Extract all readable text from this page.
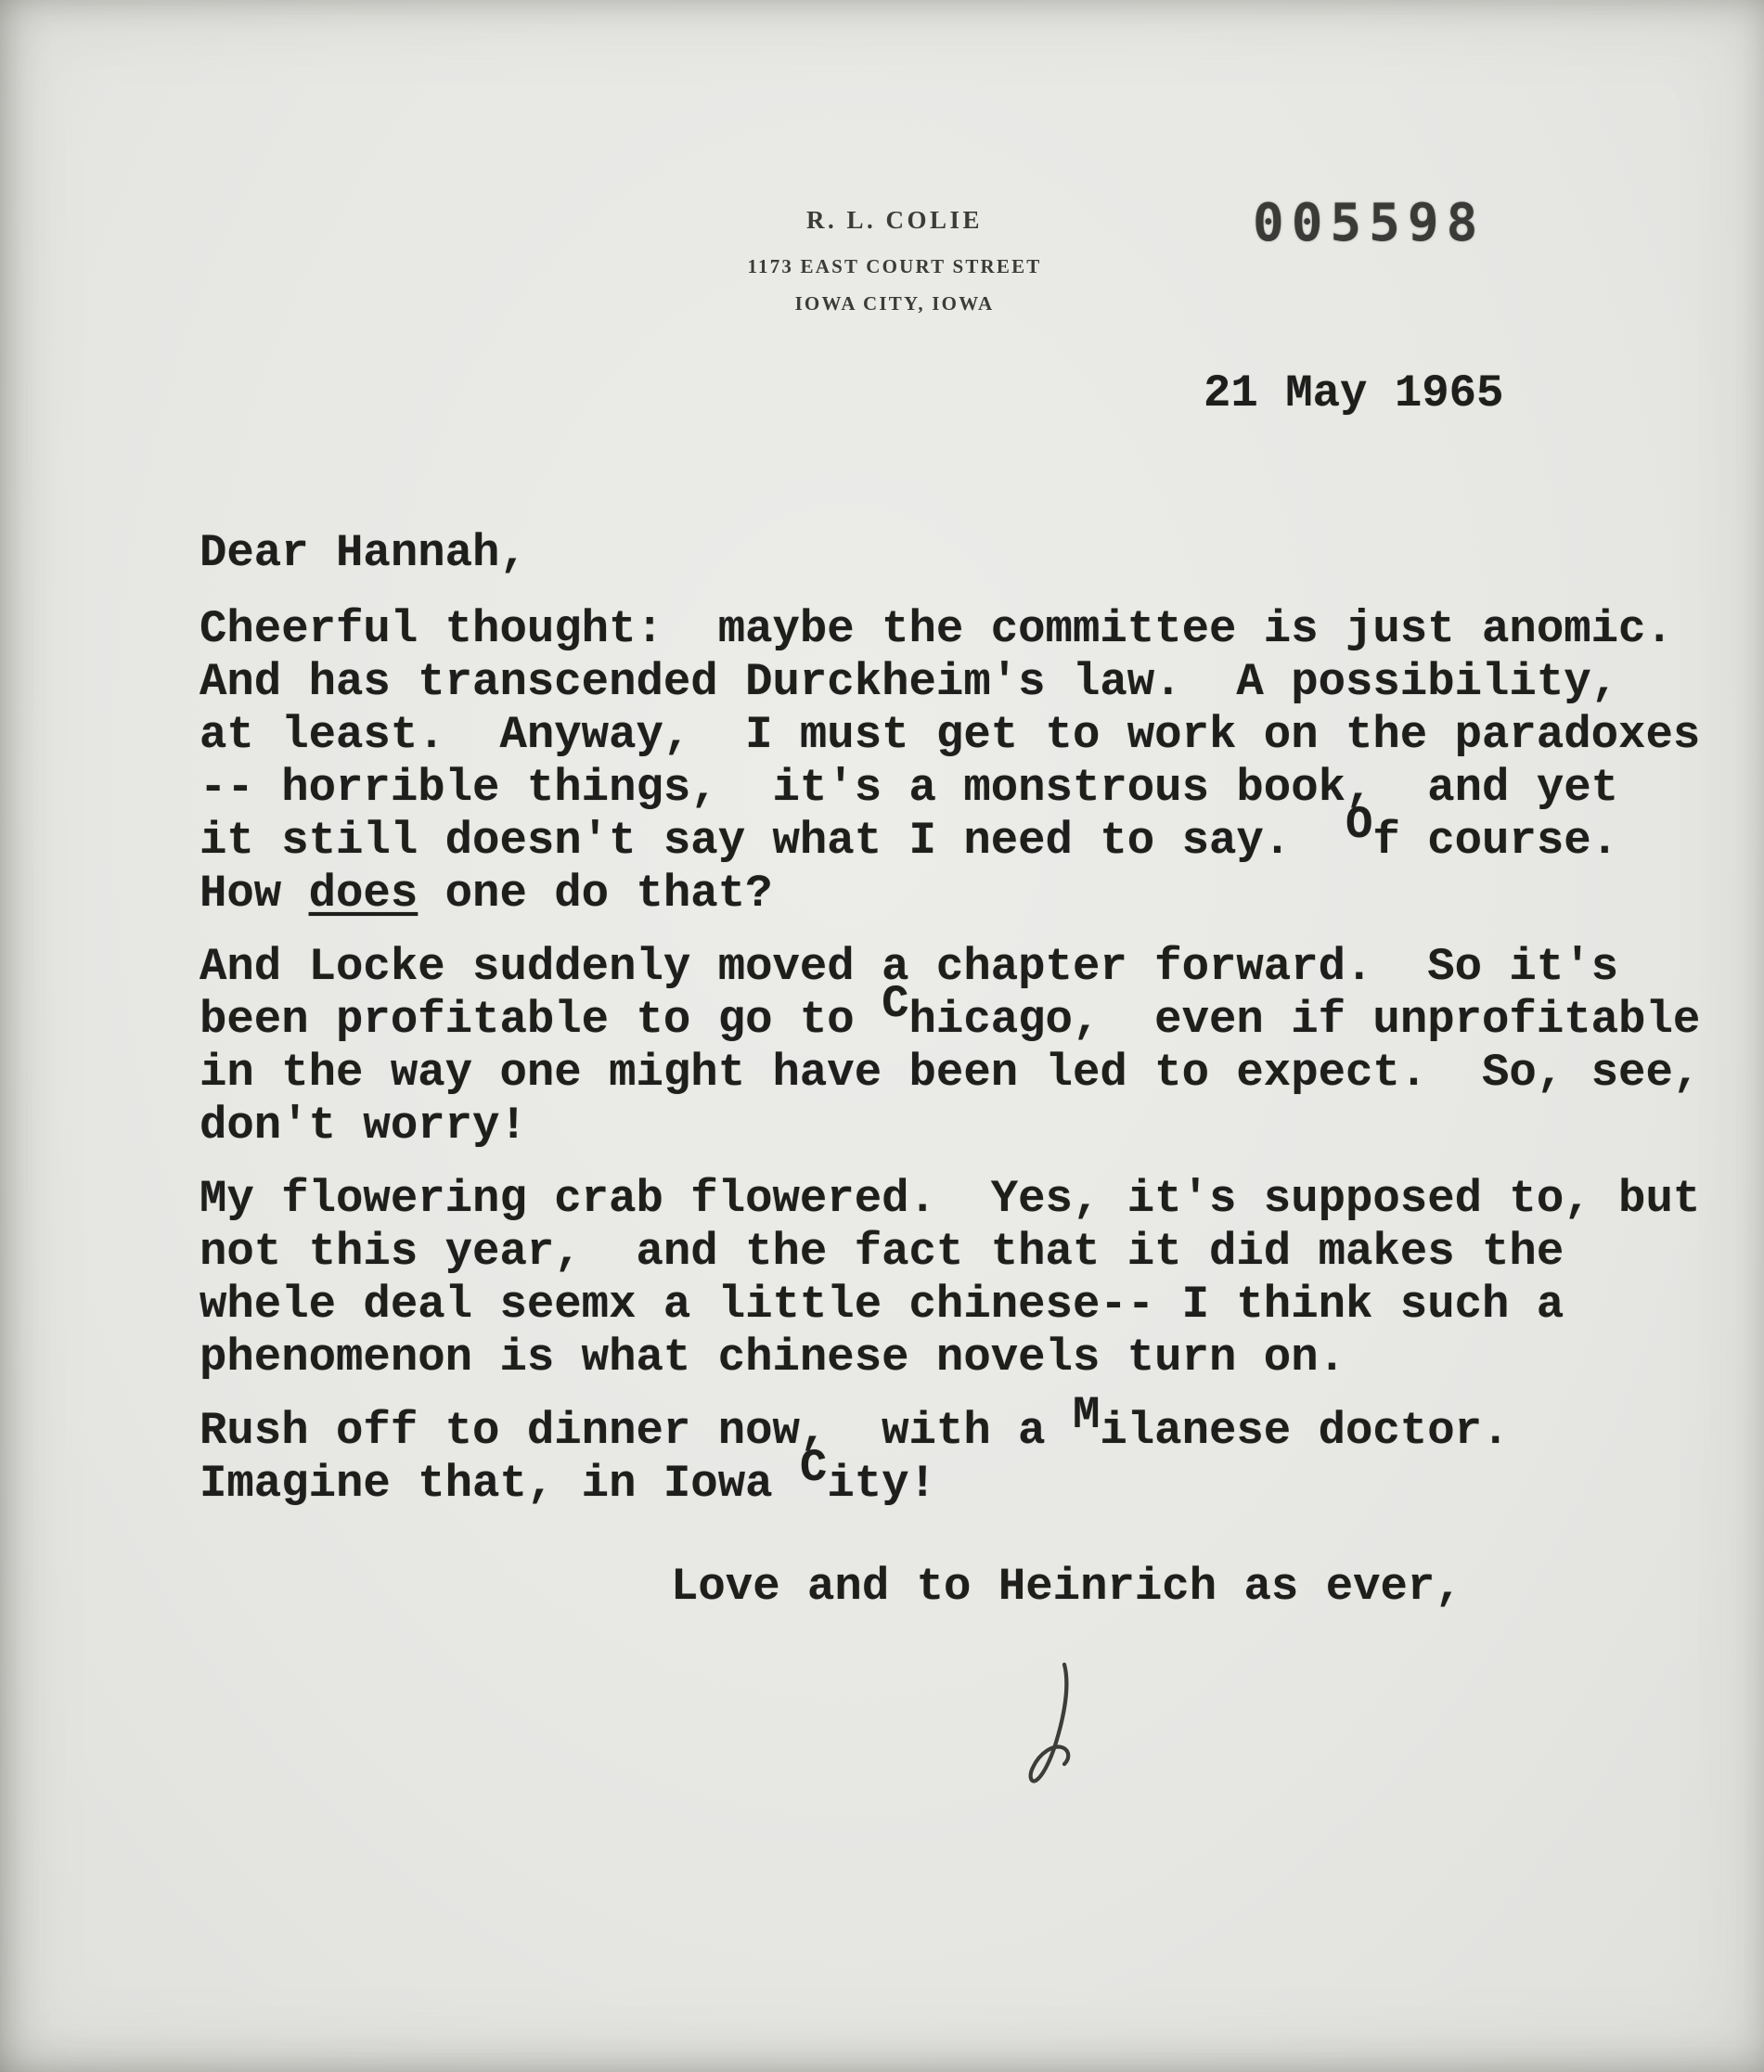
R. L. COLIE
1173 EAST COURT STREET
IOWA CITY, IOWA
005598
21 May 1965
Dear Hannah,
Cheerful thought:  maybe the committee is just anomic.
And has transcended Durckheim's law.  A possibility,
at least.  Anyway,  I must get to work on the paradoxes
-- horrible things,  it's a monstrous book,  and yet
it still doesn't say what I need to say.  Of course.
How does one do that?
And Locke suddenly moved a chapter forward.  So it's
been profitable to go to Chicago,  even if unprofitable
in the way one might have been led to expect.  So, see,
don't worry!
My flowering crab flowered.  Yes, it's supposed to, but
not this year,  and the fact that it did makes the
whele deal seemx a little chinese-- I think such a
phenomenon is what chinese novels turn on.
Rush off to dinner now,  with a Milanese doctor.
Imagine that, in Iowa City!
Love and to Heinrich as ever,
